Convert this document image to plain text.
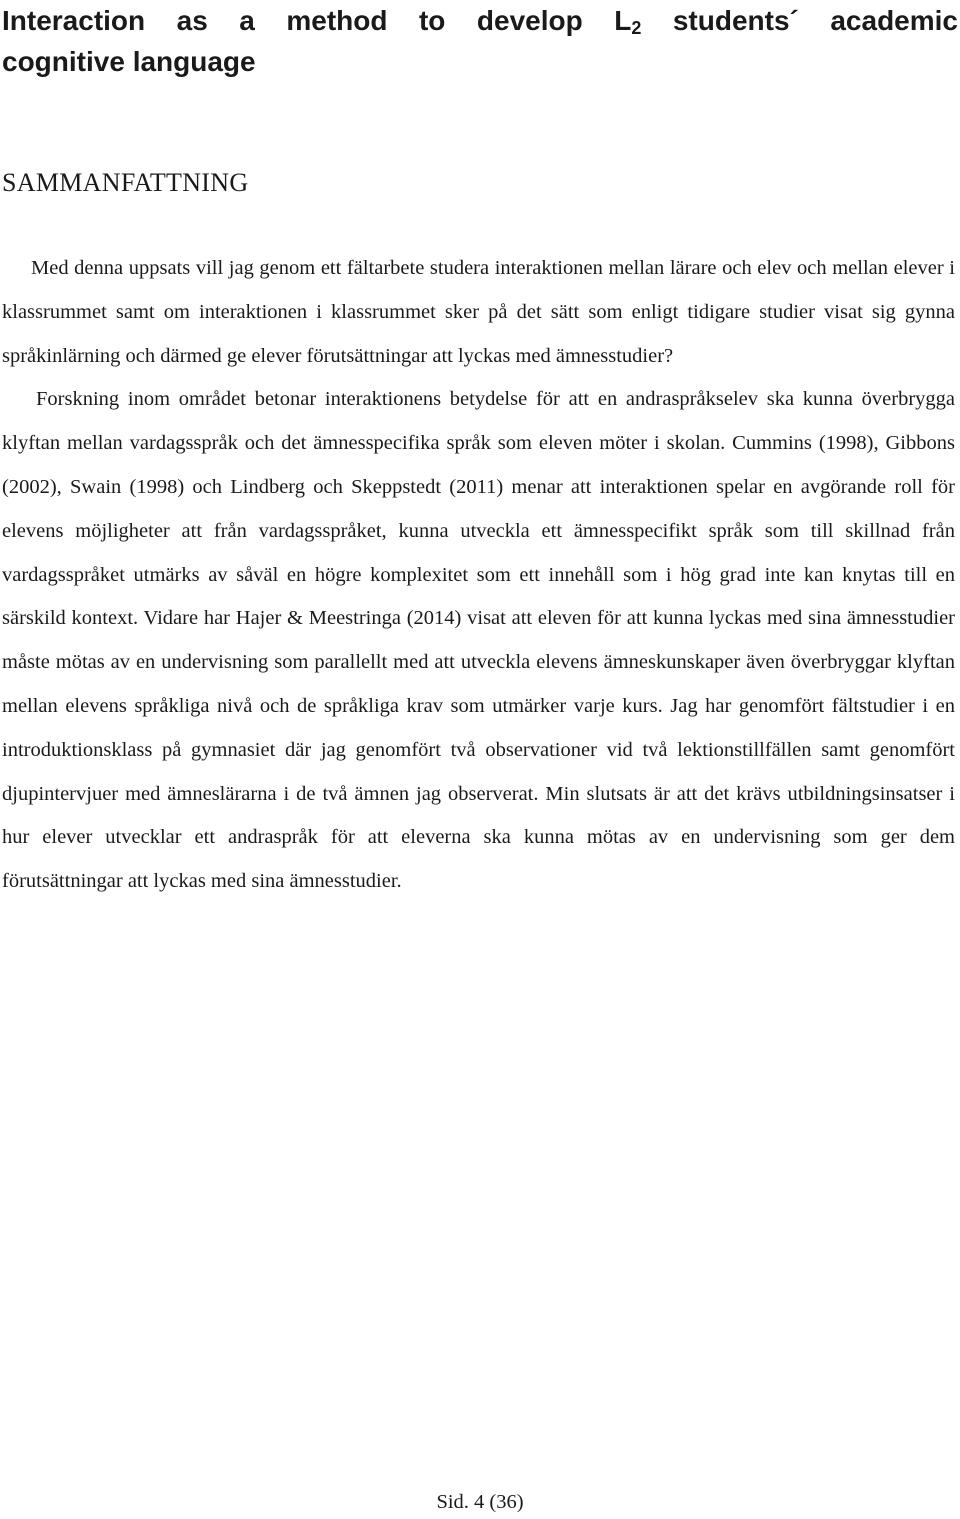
Interaction as a method to develop $L_2$ students´ academic
cognitive language
SAMMANFATTNING

Med denna uppsats vill jag genom ett fältarbete studera interaktionen mellan lärare och elev och mellan elever i klassrummet samt om interaktionen i klassrummet sker på det sätt som enligt tidigare studier visat sig gynna språkinlärning och därmed ge elever förutsättningar att lyckas med ämnesstudier?

Forskning inom området betonar interaktionens betydelse för att en andraspråkselev ska kunna överbrygga klyftan mellan vardagsspråk och det ämnesspecifika språk som eleven möter i skolan. Cummins (1998), Gibbons (2002), Swain (1998) och Lindberg och Skeppstedt (2011) menar att interaktionen spelar en avgörande roll för elevens möjligheter att från vardagsspråket, kunna utveckla ett ämnesspecifikt språk som till skillnad från vardagsspråket utmärks av såväl en högre komplexitet som ett innehåll som i hög grad inte kan knytas till en särskild kontext. Vidare har Hajer & Meestringa (2014) visat att eleven för att kunna lyckas med sina ämnesstudier måste mötas av en undervisning som parallellt med att utveckla elevens ämneskunskaper även överbryggar klyftan mellan elevens språkliga nivå och de språkliga krav som utmärker varje kurs. Jag har genomfört fältstudier i en introduktionsklass på gymnasiet där jag genomfört två observationer vid två lektionstillfällen samt genomfört djupintervjuer med ämneslärarna i de två ämnen jag observerat. Min slutsats är att det krävs utbildningsinsatser i hur elever utvecklar ett andraspråk för att eleverna ska kunna mötas av en undervisning som ger dem förutsättningar att lyckas med sina ämnesstudier.

Sid. 4 (36)
